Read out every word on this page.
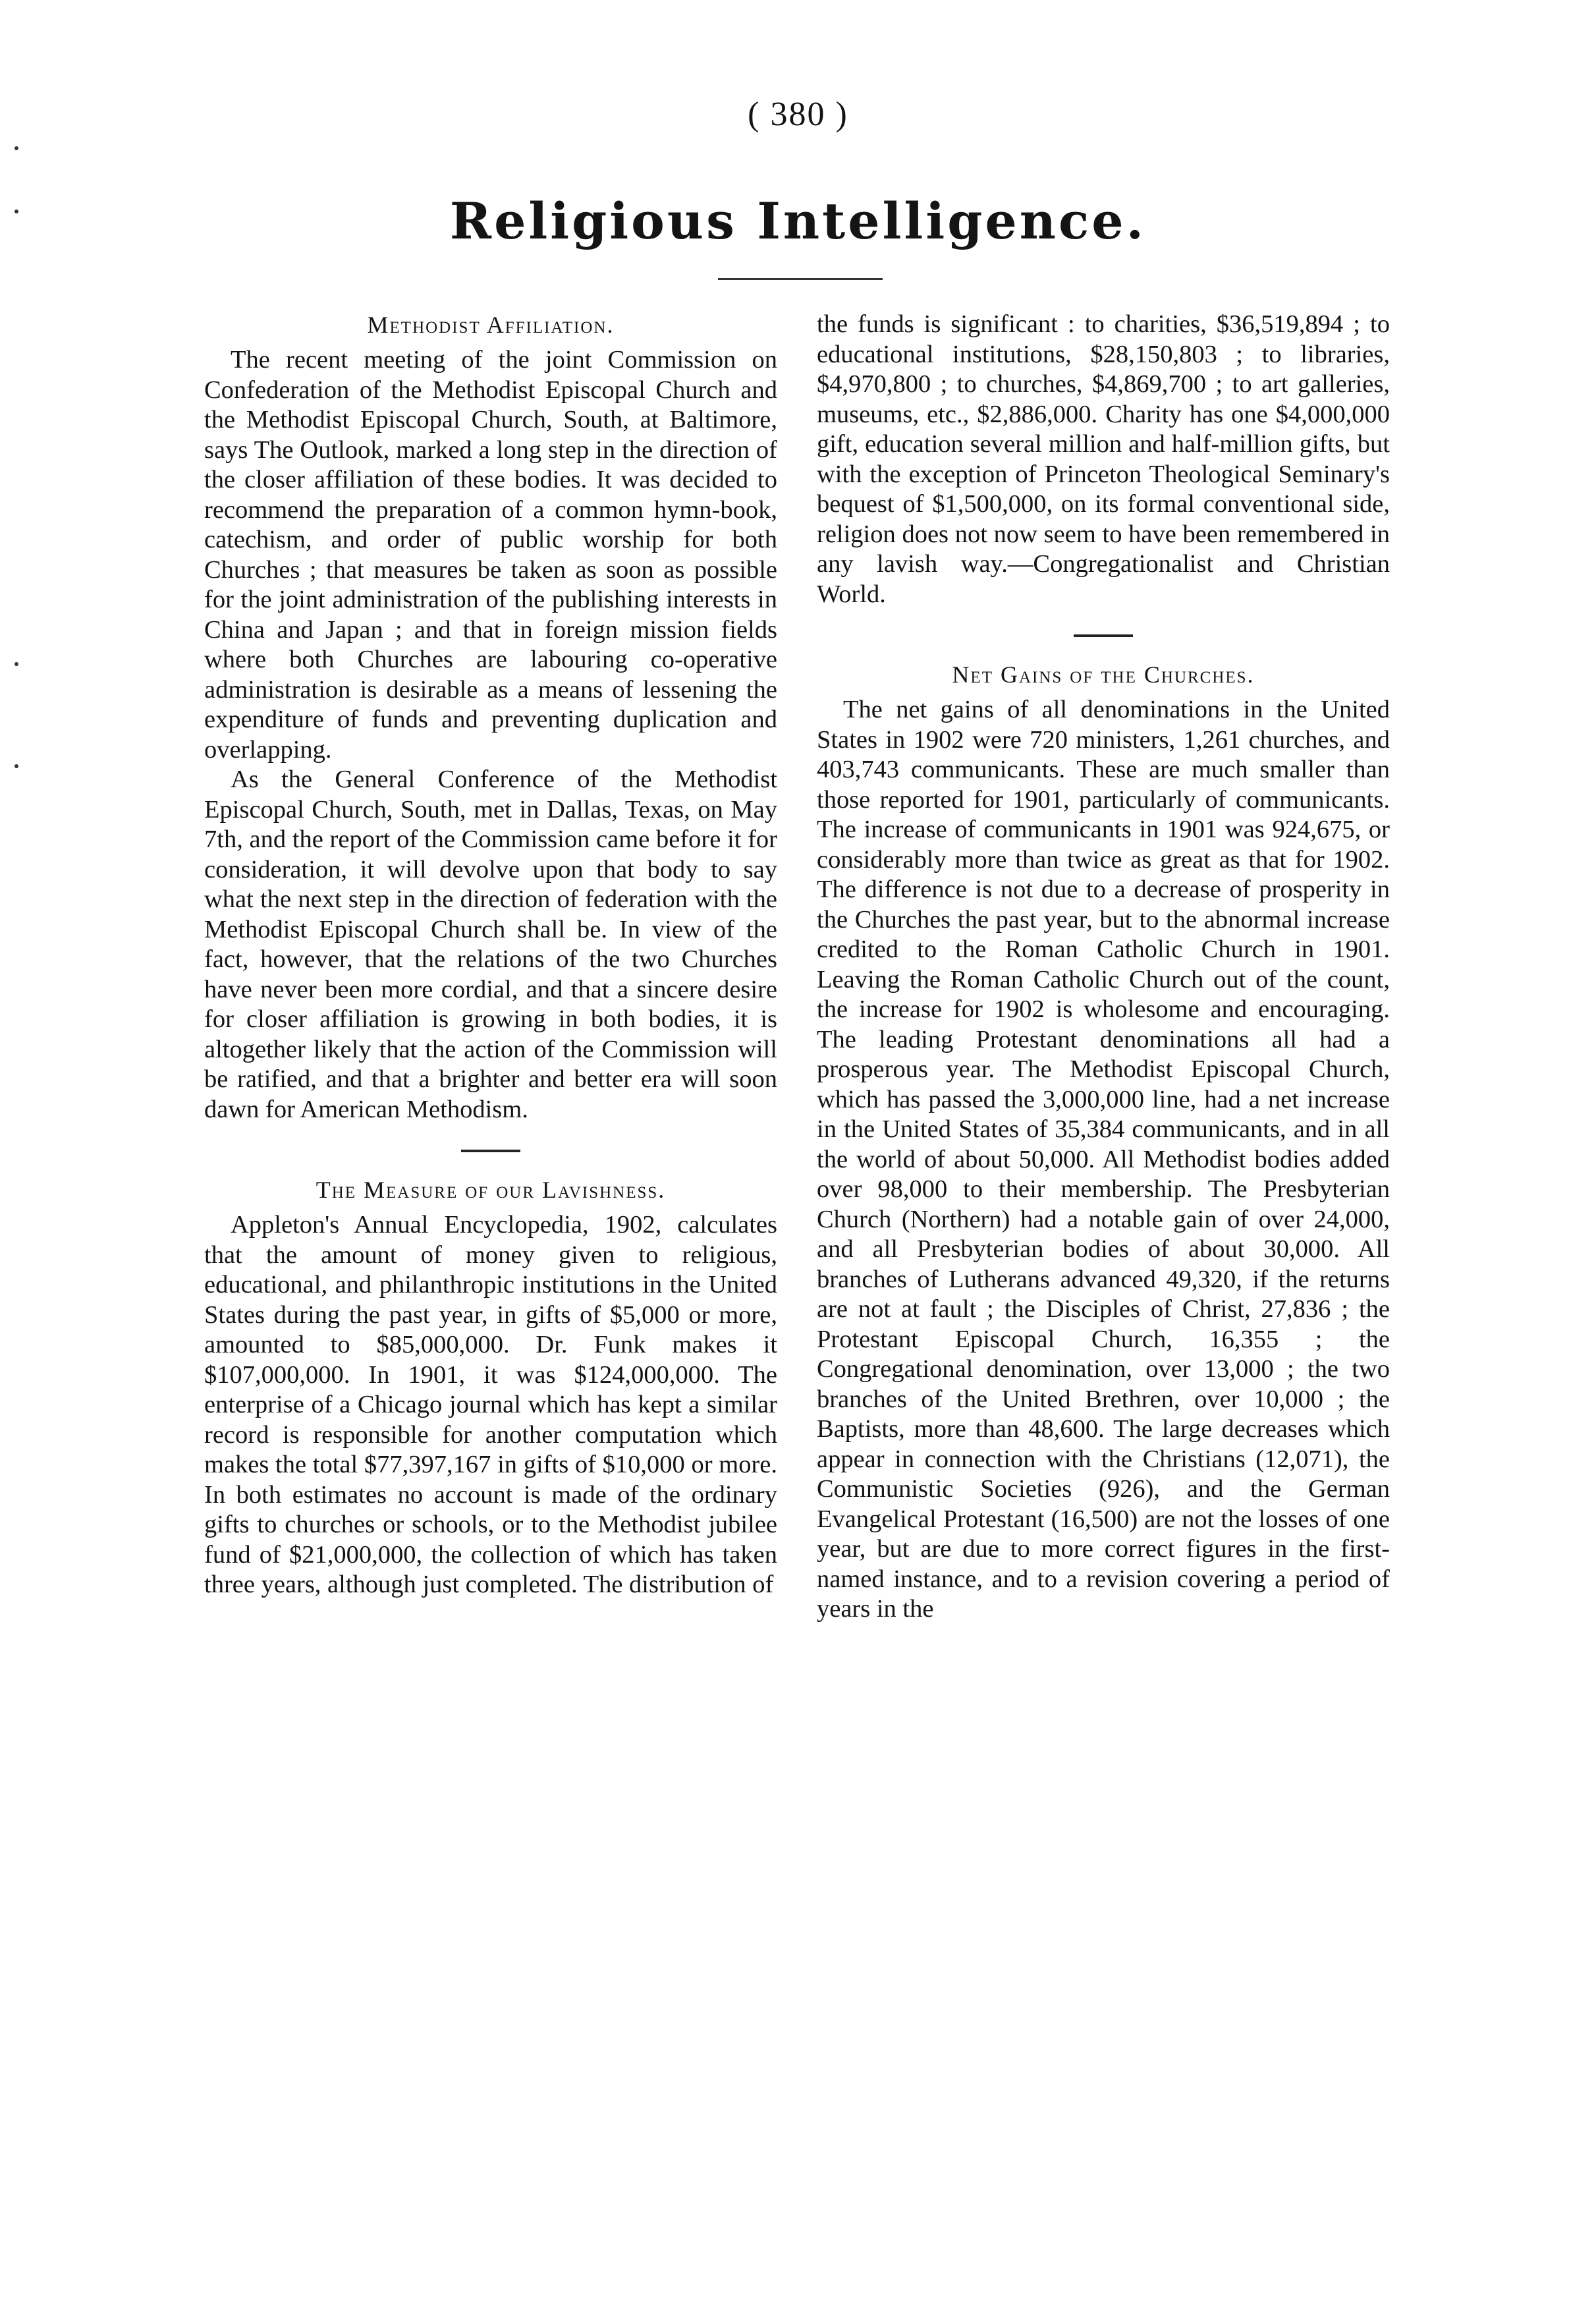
( 380 )
Religious Intelligence.
Methodist Affiliation.

The recent meeting of the joint Commission on Confederation of the Methodist Episcopal Church and the Methodist Episcopal Church, South, at Baltimore, says The Outlook, marked a long step in the direction of the closer affiliation of these bodies. It was decided to recommend the preparation of a common hymn-book, catechism, and order of public worship for both Churches ; that measures be taken as soon as possible for the joint administration of the publishing interests in China and Japan ; and that in foreign mission fields where both Churches are labouring co-operative administration is desirable as a means of lessening the expenditure of funds and preventing duplication and overlapping.

As the General Conference of the Methodist Episcopal Church, South, met in Dallas, Texas, on May 7th, and the report of the Commission came before it for consideration, it will devolve upon that body to say what the next step in the direction of federation with the Methodist Episcopal Church shall be. In view of the fact, however, that the relations of the two Churches have never been more cordial, and that a sincere desire for closer affiliation is growing in both bodies, it is altogether likely that the action of the Commission will be ratified, and that a brighter and better era will soon dawn for American Methodism.

The Measure of our Lavishness.

Appleton's Annual Encyclopedia, 1902, calculates that the amount of money given to religious, educational, and philanthropic institutions in the United States during the past year, in gifts of $5,000 or more, amounted to $85,000,000. Dr. Funk makes it $107,000,000. In 1901, it was $124,000,000. The enterprise of a Chicago journal which has kept a similar record is responsible for another computation which makes the total $77,397,167 in gifts of $10,000 or more. In both estimates no account is made of the ordinary gifts to churches or schools, or to the Methodist jubilee fund of $21,000,000, the collection of which has taken three years, although just completed. The distribution of

the funds is significant : to charities, $36,519,894 ; to educational institutions, $28,150,803 ; to libraries, $4,970,800 ; to churches, $4,869,700 ; to art galleries, museums, etc., $2,886,000. Charity has one $4,000,000 gift, education several million and half-million gifts, but with the exception of Princeton Theological Seminary's bequest of $1,500,000, on its formal conventional side, religion does not now seem to have been remembered in any lavish way.—Congregationalist and Christian World.

Net Gains of the Churches.

The net gains of all denominations in the United States in 1902 were 720 ministers, 1,261 churches, and 403,743 communicants. These are much smaller than those reported for 1901, particularly of communicants. The increase of communicants in 1901 was 924,675, or considerably more than twice as great as that for 1902. The difference is not due to a decrease of prosperity in the Churches the past year, but to the abnormal increase credited to the Roman Catholic Church in 1901. Leaving the Roman Catholic Church out of the count, the increase for 1902 is wholesome and encouraging. The leading Protestant denominations all had a prosperous year. The Methodist Episcopal Church, which has passed the 3,000,000 line, had a net increase in the United States of 35,384 communicants, and in all the world of about 50,000. All Methodist bodies added over 98,000 to their membership. The Presbyterian Church (Northern) had a notable gain of over 24,000, and all Presbyterian bodies of about 30,000. All branches of Lutherans advanced 49,320, if the returns are not at fault ; the Disciples of Christ, 27,836 ; the Protestant Episcopal Church, 16,355 ; the Congregational denomination, over 13,000 ; the two branches of the United Brethren, over 10,000 ; the Baptists, more than 48,600. The large decreases which appear in connection with the Christians (12,071), the Communistic Societies (926), and the German Evangelical Protestant (16,500) are not the losses of one year, but are due to more correct figures in the first-named instance, and to a revision covering a period of years in the
